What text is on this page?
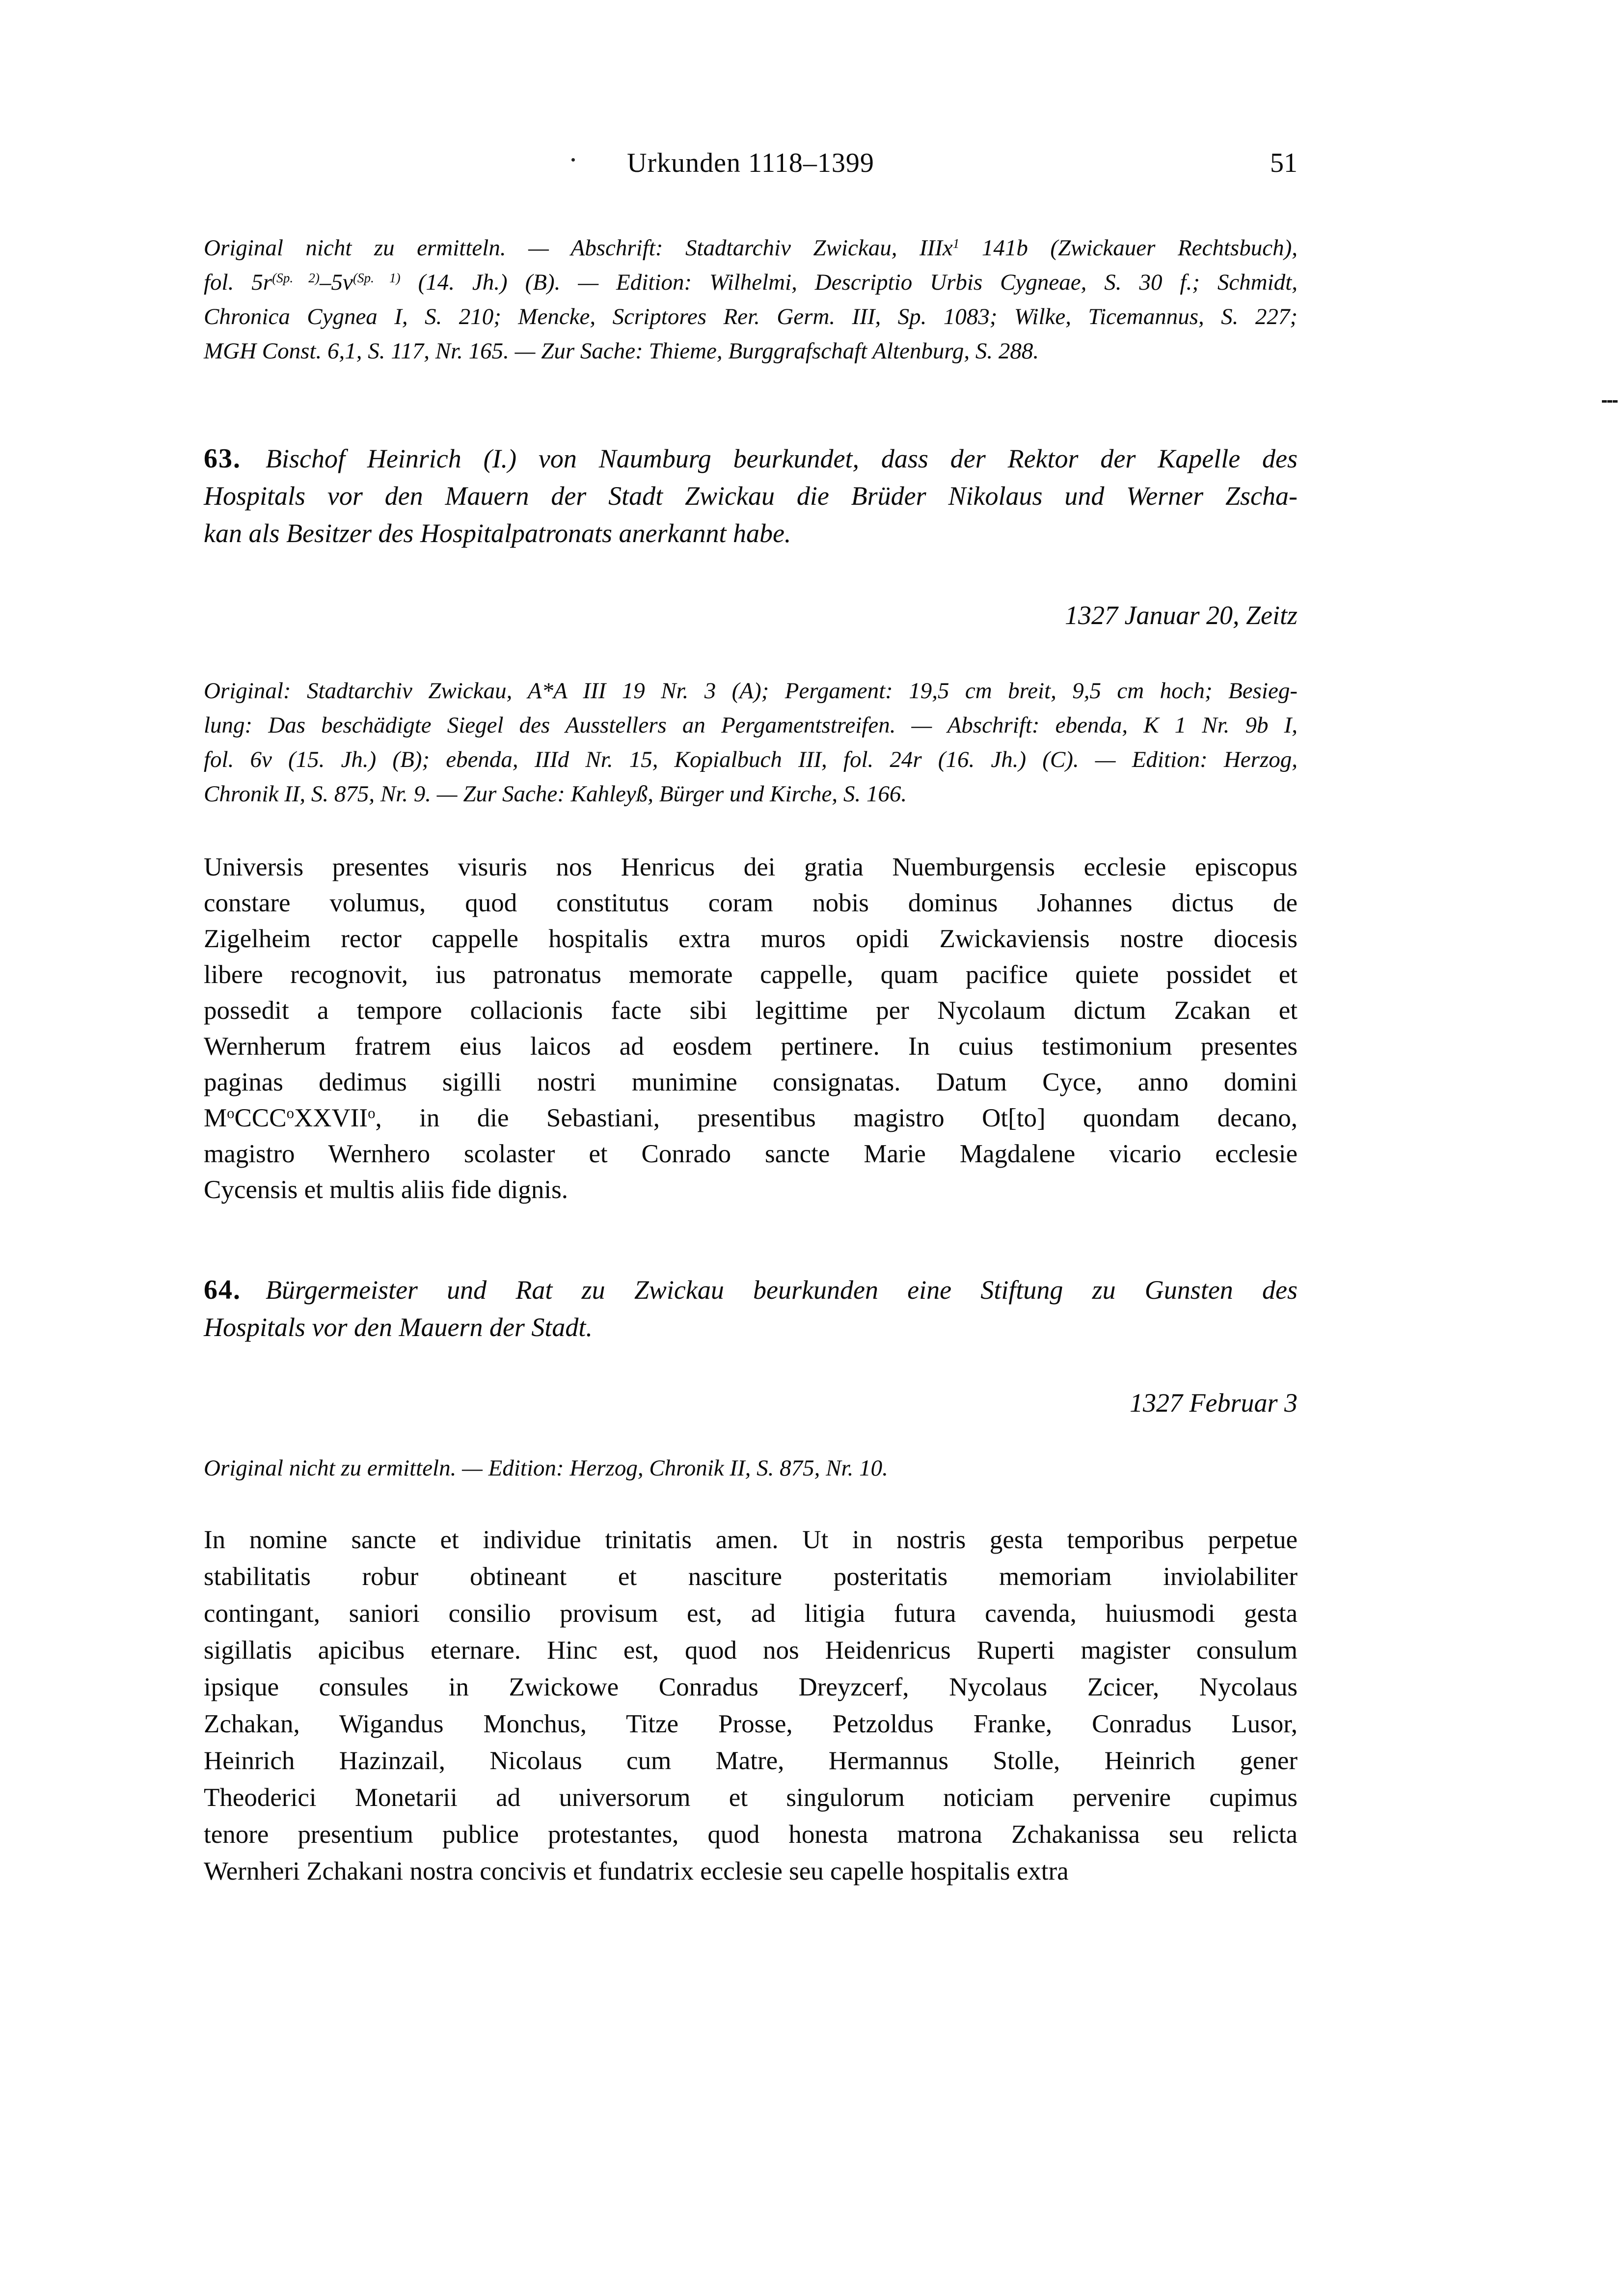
Urkunden 1118–1399	51
Original nicht zu ermitteln. — Abschrift: Stadtarchiv Zwickau, IIIx$^1$ 141b (Zwickauer Rechtsbuch),
fol. $5r^{(Sp. 2)}-5v^{(Sp. 1)}$ (14. Jh.) (B). — Edition: Wilhelmi, Descriptio Urbis Cygneae, S. 30 f.; Schmidt,
Chronica Cygnea I, S. 210; Mencke, Scriptores Rer. Germ. III, Sp. 1083; Wilke, Ticemannus, S. 227;
MGH Const. 6,1, S. 117, Nr. 165. — Zur Sache: Thieme, Burggrafschaft Altenburg, S. 288.
63. Bischof Heinrich (I.) von Naumburg beurkundet, dass der Rektor der Kapelle des
Hospitals vor den Mauern der Stadt Zwickau die Brüder Nikolaus und Werner Zscha-
kan als Besitzer des Hospitalpatronats anerkannt habe.
1327 Januar 20, Zeitz
Original: Stadtarchiv Zwickau, A*A III 19 Nr. 3 (A); Pergament: 19,5 cm breit, 9,5 cm hoch; Besieg-
lung: Das beschädigte Siegel des Ausstellers an Pergamentstreifen. — Abschrift: ebenda, K 1 Nr. 9b I,
fol. 6v (15. Jh.) (B); ebenda, IIId Nr. 15, Kopialbuch III, fol. 24r (16. Jh.) (C). — Edition: Herzog,
Chronik II, S. 875, Nr. 9. — Zur Sache: Kahleyß, Bürger und Kirche, S. 166.
Universis presentes visuris nos Henricus dei gratia Nuemburgensis ecclesie episcopus
constare volumus, quod constitutus coram nobis dominus Johannes dictus de
Zigelheim rector cappelle hospitalis extra muros opidi Zwickaviensis nostre diocesis
libere recognovit, ius patronatus memorate cappelle, quam pacifice quiete possidet et
possedit a tempore collacionis facte sibi legittime per Nycolaum dictum Zcakan et
Wernherum fratrem eius laicos ad eosdem pertinere. In cuius testimonium presentes
paginas dedimus sigilli nostri munimine consignatas. Datum Cyce, anno domini
$M^oCCC^oXXVII^o$, in die Sebastiani, presentibus magistro Ot[to] quondam decano,
magistro Wernhero scolaster et Conrado sancte Marie Magdalene vicario ecclesie
Cycensis et multis aliis fide dignis.
64. Bürgermeister und Rat zu Zwickau beurkunden eine Stiftung zu Gunsten des
Hospitals vor den Mauern der Stadt.
1327 Februar 3
Original nicht zu ermitteln. — Edition: Herzog, Chronik II, S. 875, Nr. 10.
In nomine sancte et individue trinitatis amen. Ut in nostris gesta temporibus perpetue
stabilitatis robur obtineant et nasciture posteritatis memoriam inviolabiliter
contingant, saniori consilio provisum est, ad litigia futura cavenda, huiusmodi gesta
sigillatis apicibus eternare. Hinc est, quod nos Heidenricus Ruperti magister consulum
ipsique consules in Zwickowe Conradus Dreyzcerf, Nycolaus Zcicer, Nycolaus
Zchakan, Wigandus Monchus, Titze Prosse, Petzoldus Franke, Conradus Lusor,
Heinrich Hazinzail, Nicolaus cum Matre, Hermannus Stolle, Heinrich gener
Theoderici Monetarii ad universorum et singulorum noticiam pervenire cupimus
tenore presentium publice protestantes, quod honesta matrona Zchakanissa seu relicta
Wernheri Zchakani nostra concivis et fundatrix ecclesie seu capelle hospitalis extra
